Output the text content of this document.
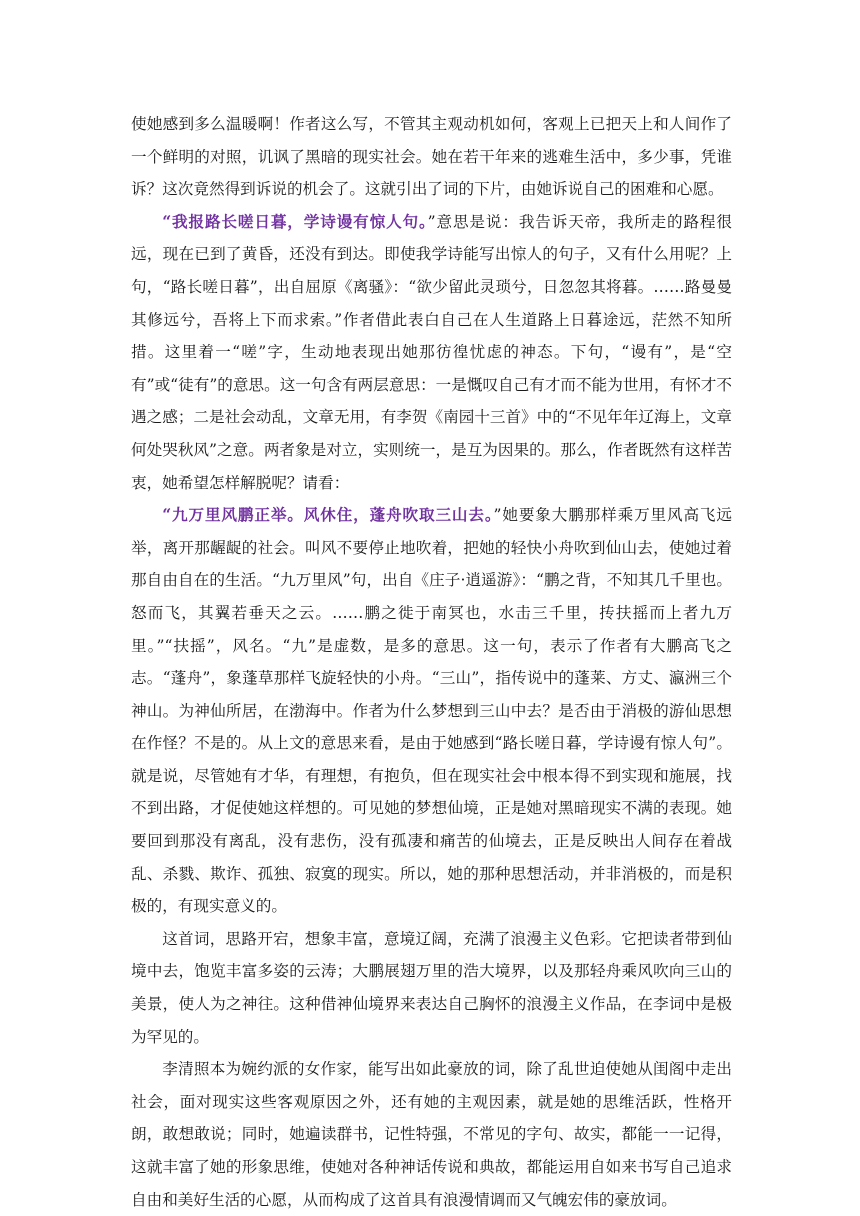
使她感到多么温暖啊！作者这么写，不管其主观动机如何，客观上已把天上和人间作了一个鲜明的对照，讥讽了黑暗的现实社会。她在若干年来的逃难生活中，多少事，凭谁诉？这次竟然得到诉说的机会了。这就引出了词的下片，由她诉说自己的困难和心愿。

“我报路长嗟日暮，学诗谩有惊人句。”意思是说：我告诉天帝，我所走的路程很远，现在已到了黄昏，还没有到达。即使我学诗能写出惊人的句子，又有什么用呢？上句，“路长嗟日暮”，出自屈原《离骚》：“欲少留此灵琐兮，日忽忽其将暮。……路曼曼其修远兮，吾将上下而求索。”作者借此表白自己在人生道路上日暮途远，茫然不知所措。这里着一“嗟”字，生动地表现出她那彷徨忧虑的神态。下句，“谩有”，是“空有”或“徒有”的意思。这一句含有两层意思：一是慨叹自己有才而不能为世用，有怀才不遇之感；二是社会动乱，文章无用，有李贺《南园十三首》中的“不见年年辽海上，文章何处哭秋风”之意。两者象是对立，实则统一，是互为因果的。那么，作者既然有这样苦衷，她希望怎样解脱呢？请看：

“九万里风鹏正举。风休住，蓬舟吹取三山去。”她要象大鹏那样乘万里风高飞远举，离开那龌龊的社会。叫风不要停止地吹着，把她的轻快小舟吹到仙山去，使她过着那自由自在的生活。“九万里风”句，出自《庄子·逍遥游》：“鹏之背，不知其几千里也。怒而飞，其翼若垂天之云。……鹏之徙于南冥也，水击三千里，抟扶摇而上者九万里。”“扶摇”，风名。“九”是虚数，是多的意思。这一句，表示了作者有大鹏高飞之志。“蓬舟”，象蓬草那样飞旋轻快的小舟。“三山”，指传说中的蓬莱、方丈、瀛洲三个神山。为神仙所居，在渤海中。作者为什么梦想到三山中去？是否由于消极的游仙思想在作怪？不是的。从上文的意思来看，是由于她感到“路长嗟日暮，学诗谩有惊人句”。就是说，尽管她有才华，有理想，有抱负，但在现实社会中根本得不到实现和施展，找不到出路，才促使她这样想的。可见她的梦想仙境，正是她对黑暗现实不满的表现。她要回到那没有离乱，没有悲伤，没有孤凄和痛苦的仙境去，正是反映出人间存在着战乱、杀戮、欺诈、孤独、寂寞的现实。所以，她的那种思想活动，并非消极的，而是积极的，有现实意义的。

这首词，思路开宕，想象丰富，意境辽阔，充满了浪漫主义色彩。它把读者带到仙境中去，饱览丰富多姿的云涛；大鹏展翅万里的浩大境界，以及那轻舟乘风吹向三山的美景，使人为之神往。这种借神仙境界来表达自己胸怀的浪漫主义作品，在李词中是极为罕见的。

李清照本为婉约派的女作家，能写出如此豪放的词，除了乱世迫使她从闺阁中走出社会，面对现实这些客观原因之外，还有她的主观因素，就是她的思维活跃，性格开朗，敢想敢说；同时，她遍读群书，记性特强，不常见的字句、故实，都能一一记得，这就丰富了她的形象思维，使她对各种神话传说和典故，都能运用自如来书写自己追求自由和美好生活的心愿，从而构成了这首具有浪漫情调而又气魄宏伟的豪放词。
